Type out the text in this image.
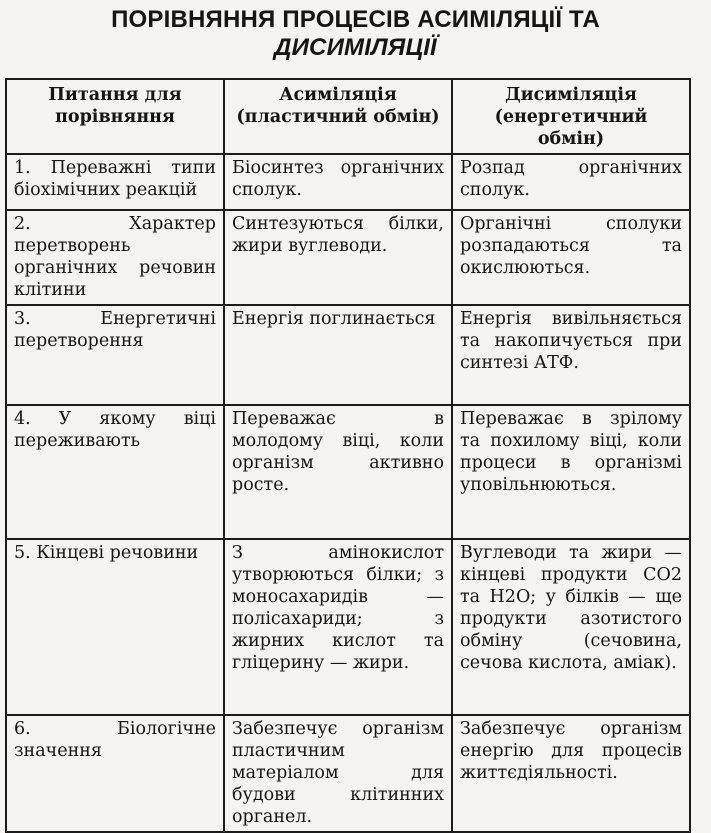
ПОРІВНЯННЯ ПРОЦЕСІВ АСИМІЛЯЦІЇ ТА
ДИСИМІЛЯЦІЇ
Питання для порівняння	Асиміляція (пластичний обмін)	Дисиміляція (енергетичний обмін)
1. Переважні типи біохімічних реакцій	Біосинтез органічних сполук.	Розпад органічних сполук.
2. Характер перетворень органічних речовин клітини	Синтезуються білки, жири вуглеводи.	Органічні сполуки розпадаються та окислюються.
3. Енергетичні перетворення	Енергія поглинається	Енергія вивільняється та накопичується при синтезі АТФ.
4. У якому віці переживають	Переважає в молодому віці, коли організм активно росте.	Переважає в зрілому та похилому віці, коли процеси в організмі уповільнюються.
5. Кінцеві речовини	З амінокислот утворюються білки; з моносахаридів — полісахариди; з жирних кислот та гліцерину — жири.	Вуглеводи та жири — кінцеві продукти CO2 та H2O; у білків — ще продукти азотистого обміну (сечовина, сечова кислота, аміак).
6. Біологічне значення	Забезпечує організм пластичним матеріалом для будови клітинних органел.	Забезпечує організм енергію для процесів життєдіяльності.
